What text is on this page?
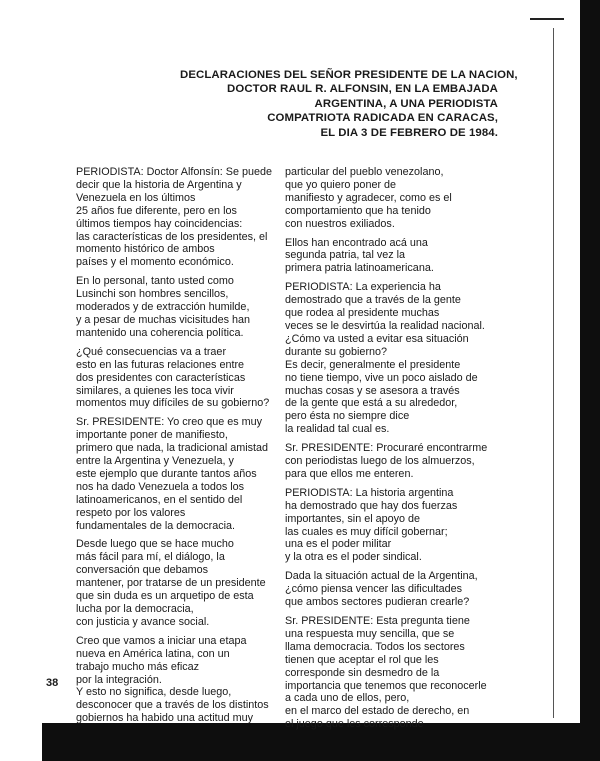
DECLARACIONES DEL SEÑOR PRESIDENTE DE LA NACION,
DOCTOR RAUL R. ALFONSIN, EN LA EMBAJADA
ARGENTINA, A UNA PERIODISTA
COMPATRIOTA RADICADA EN CARACAS,
EL DIA 3 DE FEBRERO DE 1984.
PERIODISTA: Doctor Alfonsín: Se puede
decir que la historia de Argentina y
Venezuela en los últimos
25 años fue diferente, pero en los
últimos tiempos hay coincidencias:
las características de los presidentes, el
momento histórico de ambos
países y el momento económico.
En lo personal, tanto usted como
Lusinchi son hombres sencillos,
moderados y de extracción humilde,
y a pesar de muchas vicisitudes han
mantenido una coherencia política.
¿Qué consecuencias va a traer
esto en las futuras relaciones entre
dos presidentes con características
similares, a quienes les toca vivir
momentos muy difíciles de su gobierno?
Sr. PRESIDENTE: Yo creo que es muy
importante poner de manifiesto,
primero que nada, la tradicional amistad
entre la Argentina y Venezuela, y
este ejemplo que durante tantos años
nos ha dado Venezuela a todos los
latinoamericanos, en el sentido del
respeto por los valores
fundamentales de la democracia.
Desde luego que se hace mucho
más fácil para mí, el diálogo, la
conversación que debamos
mantener, por tratarse de un presidente
que sin duda es un arquetipo de esta
lucha por la democracia,
con justicia y avance social.
Creo que vamos a iniciar una etapa
nueva en América latina, con un
trabajo mucho más eficaz
por la integración.
Y esto no significa, desde luego,
desconocer que a través de los distintos
gobiernos ha habido una actitud muy
particular del pueblo venezolano,
que yo quiero poner de
manifiesto y agradecer, como es el
comportamiento que ha tenido
con nuestros exiliados.
Ellos han encontrado acá una
segunda patria, tal vez la
primera patria latinoamericana.
PERIODISTA: La experiencia ha
demostrado que a través de la gente
que rodea al presidente muchas
veces se le desvirtúa la realidad nacional.
¿Cómo va usted a evitar esa situación
durante su gobierno?
Es decir, generalmente el presidente
no tiene tiempo, vive un poco aislado de
muchas cosas y se asesora a través
de la gente que está a su alrededor,
pero ésta no siempre dice
la realidad tal cual es.
Sr. PRESIDENTE: Procuraré encontrarme
con periodistas luego de los almuerzos,
para que ellos me enteren.
PERIODISTA: La historia argentina
ha demostrado que hay dos fuerzas
importantes, sin el apoyo de
las cuales es muy difícil gobernar;
una es el poder militar
y la otra es el poder sindical.
Dada la situación actual de la Argentina,
¿cómo piensa vencer las dificultades
que ambos sectores pudieran crearle?
Sr. PRESIDENTE: Esta pregunta tiene
una respuesta muy sencilla, que se
llama democracia. Todos los sectores
tienen que aceptar el rol que les
corresponde sin desmedro de la
importancia que tenemos que reconocerle
a cada uno de ellos, pero,
en el marco del estado de derecho, en
el juego que les corresponde
38
